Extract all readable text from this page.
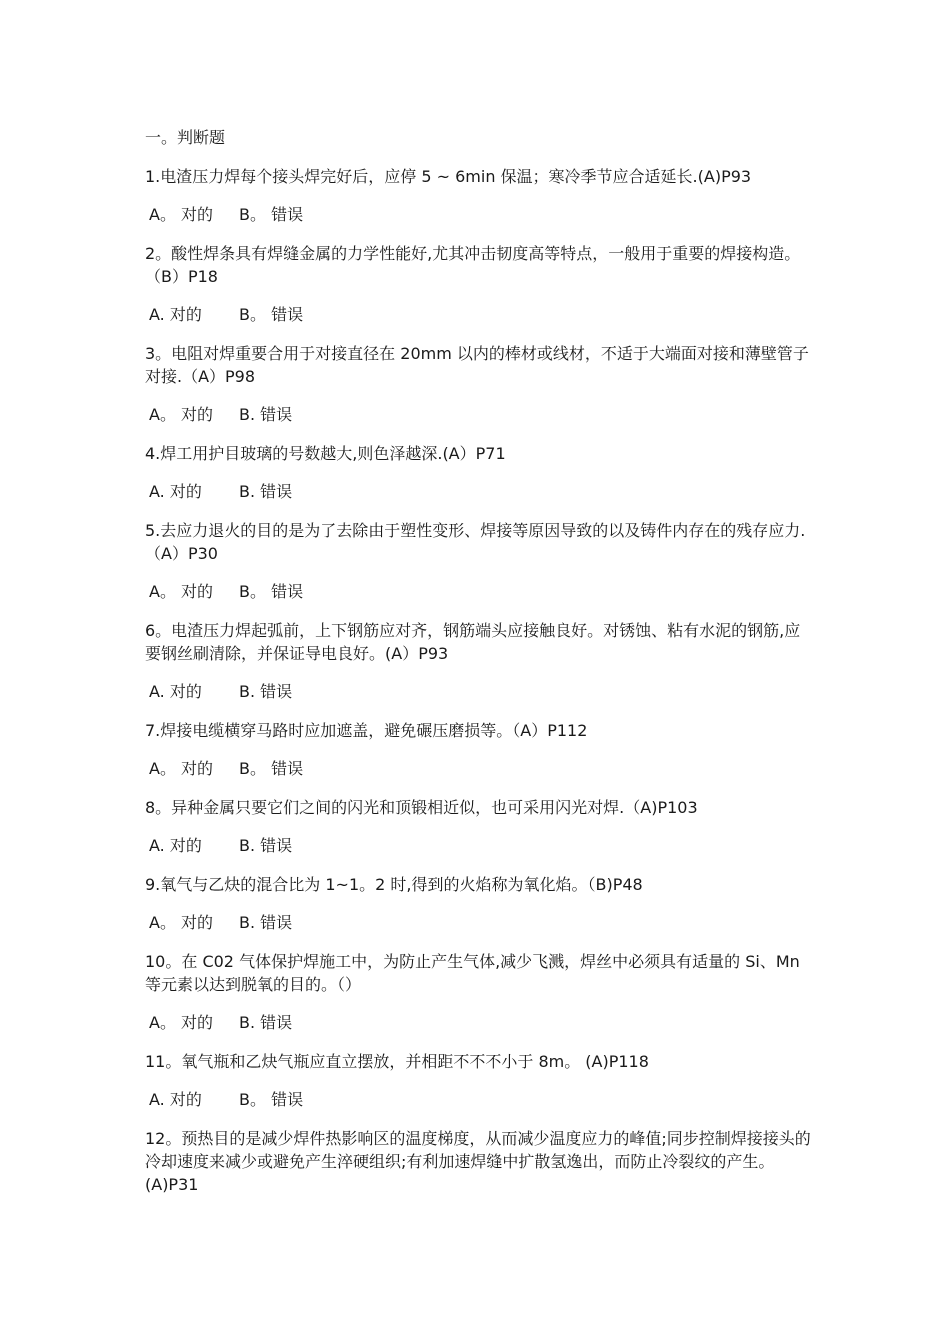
一。判断题

1.电渣压力焊每个接头焊完好后，应停 5 ~ 6min 保温；寒冷季节应合适延长.(A)P93

A。 对的 B。 错误

2。酸性焊条具有焊缝金属的力学性能好,尤其冲击韧度高等特点，一般用于重要的焊接构造。（B）P18

A. 对的 B。 错误

3。电阻对焊重要合用于对接直径在 20mm 以内的棒材或线材，不适于大端面对接和薄壁管子对接.（A）P98

A。 对的 B. 错误

4.焊工用护目玻璃的号数越大,则色泽越深.(A）P71

A. 对的 B. 错误

5.去应力退火的目的是为了去除由于塑性变形、焊接等原因导致的以及铸件内存在的残存应力.（A）P30

A。 对的 B。 错误

6。电渣压力焊起弧前，上下钢筋应对齐，钢筋端头应接触良好。对锈蚀、粘有水泥的钢筋,应要钢丝刷清除，并保证导电良好。(A）P93

A. 对的 B. 错误

7.焊接电缆横穿马路时应加遮盖，避免碾压磨损等。（A）P112

A。 对的 B。 错误

8。异种金属只要它们之间的闪光和顶锻相近似，也可采用闪光对焊.（A)P103

A. 对的 B. 错误

9.氧气与乙炔的混合比为 1~1。2 时,得到的火焰称为氧化焰。（B)P48

A。 对的 B. 错误

10。在 C02 气体保护焊施工中，为防止产生气体,减少飞溅，焊丝中必须具有适量的 Si、Mn 等元素以达到脱氧的目的。（）

A。 对的 B. 错误

11。氧气瓶和乙炔气瓶应直立摆放，并相距不不不小于 8m。 (A)P118

A. 对的 B。 错误

12。预热目的是减少焊件热影响区的温度梯度，从而减少温度应力的峰值;同步控制焊接接头的冷却速度来减少或避免产生淬硬组织;有利加速焊缝中扩散氢逸出，而防止冷裂纹的产生。(A)P31
